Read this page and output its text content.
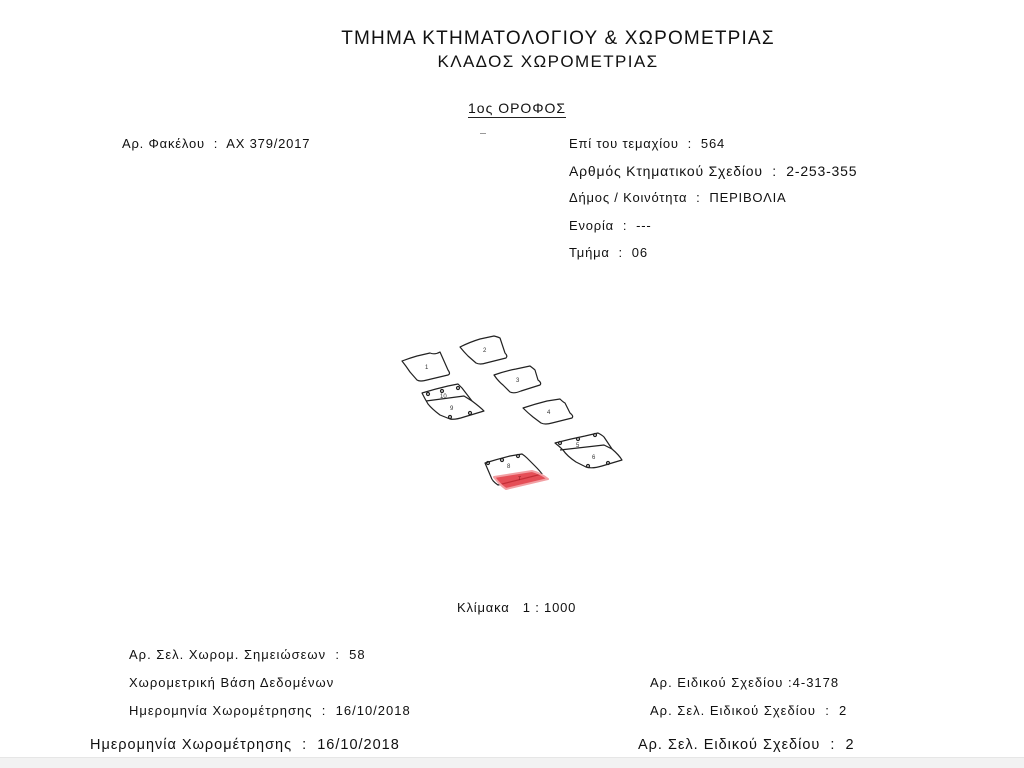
ΤΜΗΜΑ ΚΤΗΜΑΤΟΛΟΓΙΟΥ & ΧΩΡΟΜΕΤΡΙΑΣ
ΚΛΑΔΟΣ ΧΩΡΟΜΕΤΡΙΑΣ
1ος ΟΡΟΦΟΣ
Αρ. Φακέλου : ΑΧ 379/2017	Επί του τεμαχίου : 564
Αρθμός Κτηματικού Σχεδίου : 2-253-355
Δήμος / Κοινότητα : ΠΕΡΙΒΟΛΙΑ
Ενορία : ---
Τμήμα : 06
1
2
3
10
9
4
5
6
8
7
Κλίμακα 1 : 1000
Αρ. Σελ. Χωρομ. Σημειώσεων : 58
Χωρομετρική Βάση Δεδομένων
Ημερομηνία Χωρομέτρησης : 16/10/2018
Αρ. Ειδικού Σχεδίου :4-3178
Αρ. Σελ. Ειδικού Σχεδίου : 2
Ημερομηνία Χωρομέτρησης : 16/10/2018	Αρ. Σελ. Ειδικού Σχεδίου : 2
